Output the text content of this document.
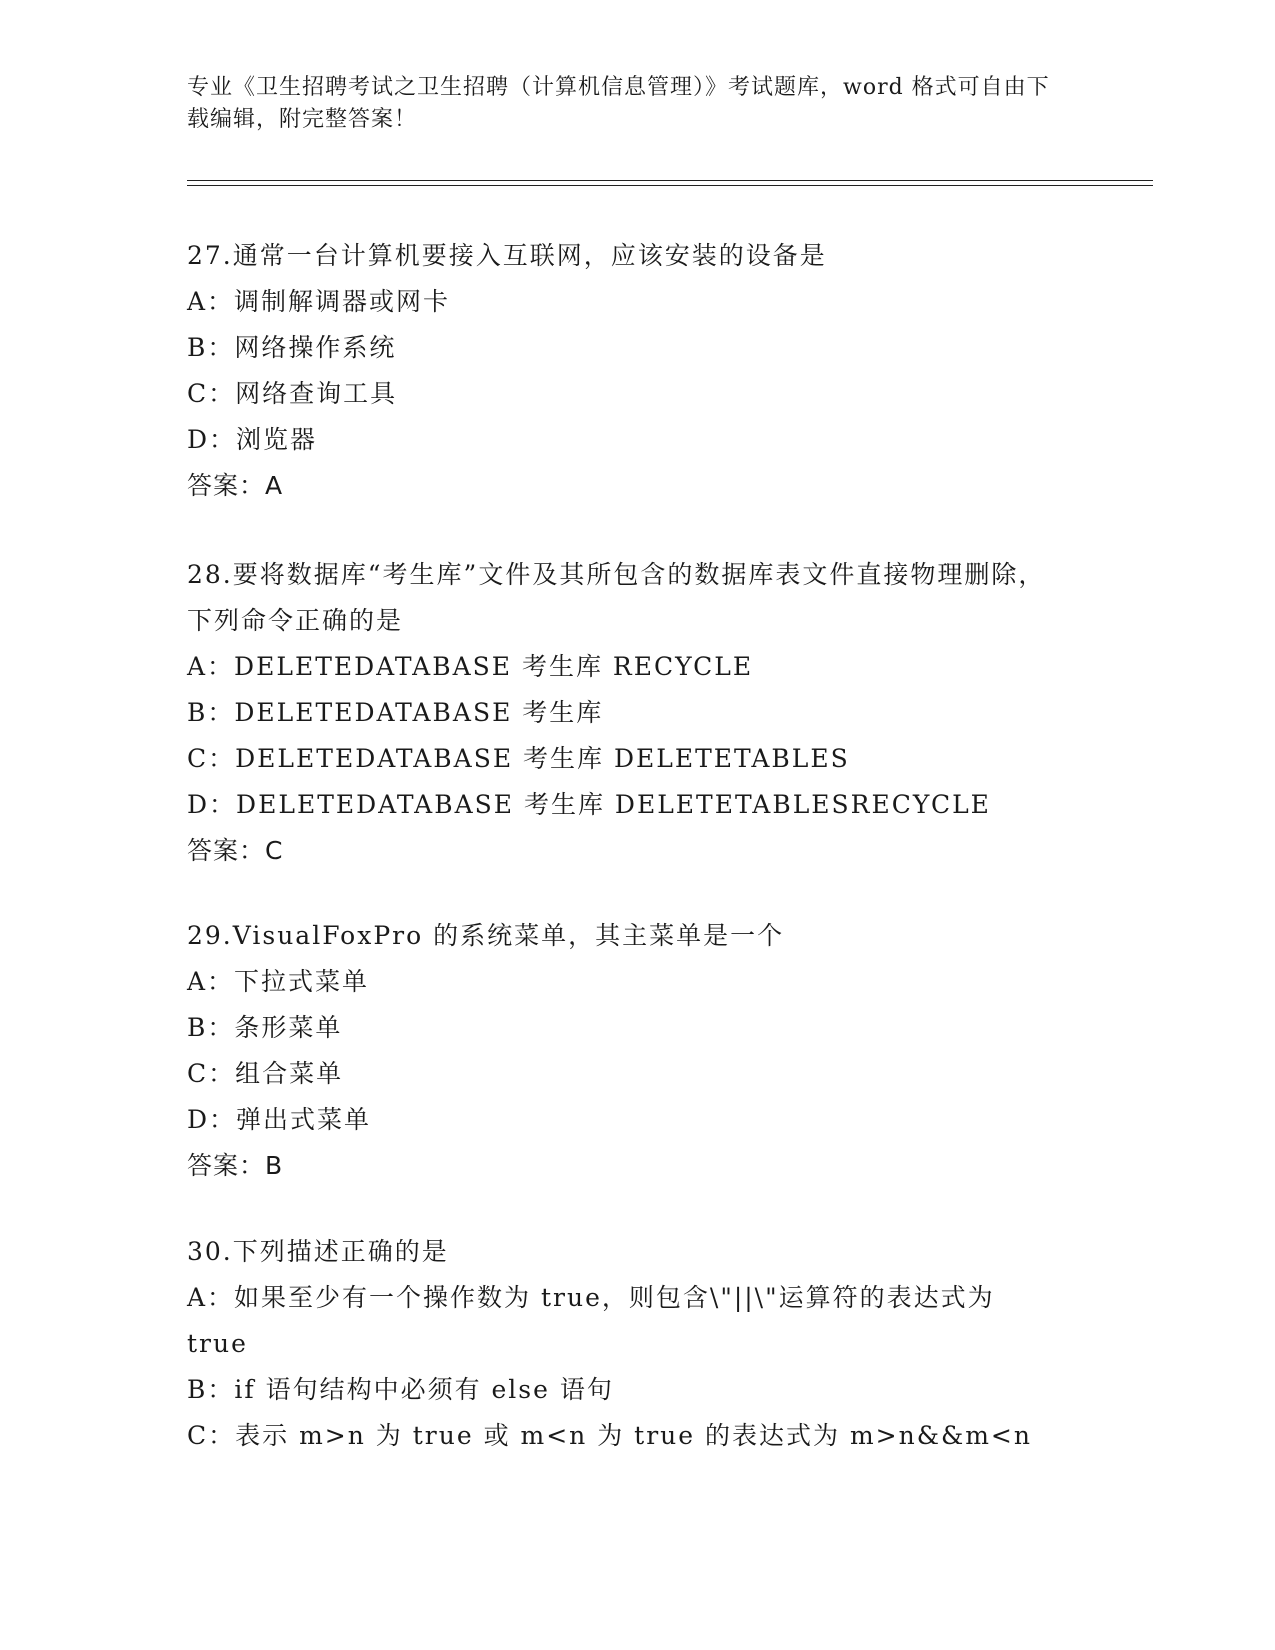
专业《卫生招聘考试之卫生招聘（计算机信息管理）》考试题库，word 格式可自由下载编辑，附完整答案！
27.通常一台计算机要接入互联网，应该安装的设备是
A：调制解调器或网卡
B：网络操作系统
C：网络查询工具
D：浏览器
答案：A
28.要将数据库“考生库”文件及其所包含的数据库表文件直接物理删除，下列命令正确的是
A：DELETEDATABASE 考生库 RECYCLE
B：DELETEDATABASE 考生库
C：DELETEDATABASE 考生库 DELETETABLES
D：DELETEDATABASE 考生库 DELETETABLESRECYCLE
答案：C
29.VisualFoxPro 的系统菜单，其主菜单是一个
A：下拉式菜单
B：条形菜单
C：组合菜单
D：弹出式菜单
答案：B
30.下列描述正确的是
A：如果至少有一个操作数为 true，则包含\"||\"运算符的表达式为true
B：if 语句结构中必须有 else 语句
C：表示 m>n 为 true 或 m<n 为 true 的表达式为 m>n&&m<n
